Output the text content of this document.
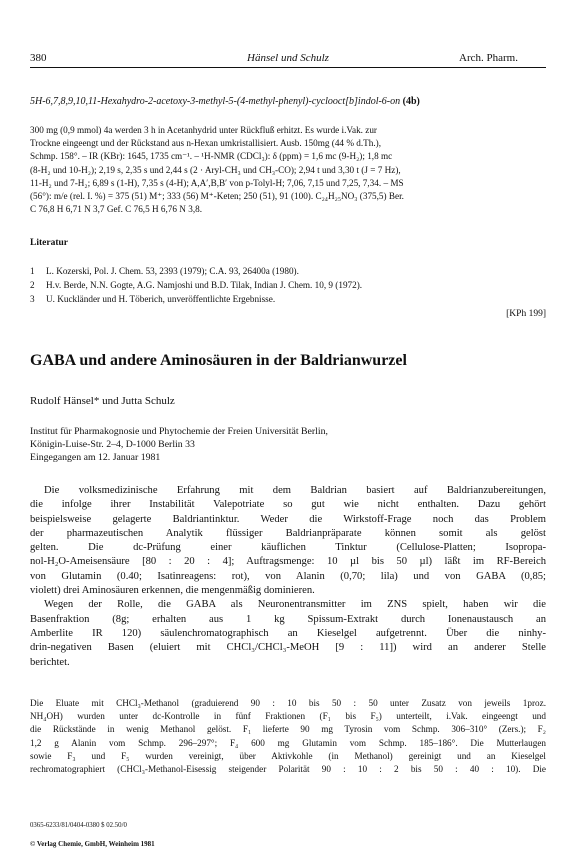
380	Hänsel und Schulz	Arch. Pharm.
5H-6,7,8,9,10,11-Hexahydro-2-acetoxy-3-methyl-5-(4-methyl-phenyl)-cyclooct[b]indol-6-on (4b)
300 mg (0,9 mmol) 4a werden 3 h in Acetanhydrid unter Rückfluß erhitzt. Es wurde i.Vak. zur
Trockne eingeengt und der Rückstand aus n-Hexan umkristallisiert. Ausb. 150mg (44 % d.Th.),
Schmp. 158°. – IR (KBr): 1645, 1735 cm⁻¹. – ¹H-NMR (CDCl₃): δ (ppm) = 1,6 mc (9-H₂); 1,8 mc
(8-H₂ und 10-H₂); 2,19 s, 2,35 s und 2,44 s (2 · Aryl-CH₃ und CH₃-CO); 2,94 t und 3,30 t (J = 7 Hz),
11-H₂ und 7-H₂; 6,89 s (1-H), 7,35 s (4-H); A,A′,B,B′ von p-Tolyl-H; 7,06, 7,15 und 7,25, 7,34. – MS
(56°): m/e (rel. I. %) = 375 (51) M⁺; 333 (56) M⁺-Keten; 250 (51), 91 (100). C₂₄H₂₅NO₃ (375,5) Ber.
C 76,8 H 6,71 N 3,7 Gef. C 76,5 H 6,76 N 3,8.
Literatur
1 L. Kozerski, Pol. J. Chem. 53, 2393 (1979); C.A. 93, 26400a (1980).
2 H.v. Berde, N.N. Gogte, A.G. Namjoshi und B.D. Tilak, Indian J. Chem. 10, 9 (1972).
3 U. Kuckländer und H. Töberich, unveröffentlichte Ergebnisse.
[KPh 199]
GABA und andere Aminosäuren in der Baldrianwurzel
Rudolf Hänsel* und Jutta Schulz
Institut für Pharmakognosie und Phytochemie der Freien Universität Berlin,
Königin-Luise-Str. 2–4, D-1000 Berlin 33
Eingegangen am 12. Januar 1981
Die volksmedizinische Erfahrung mit dem Baldrian basiert auf Baldrianzubereitungen,
die infolge ihrer Instabilität Valepotriate so gut wie nicht enthalten. Dazu gehört
beispielsweise gelagerte Baldriantinktur. Weder die Wirkstoff-Frage noch das Problem
der pharmazeutischen Analytik flüssiger Baldrianpräparate können somit als gelöst
gelten. Die dc-Prüfung einer käuflichen Tinktur (Cellulose-Platten; Isopropa-
nol-H₂O-Ameisensäure [80 : 20 : 4]; Auftragsmenge: 10 µl bis 50 µl) läßt im RF-Bereich
von Glutamin (0.40; Isatinreagens: rot), von Alanin (0,70; lila) und von GABA (0,85;
violett) drei Aminosäuren erkennen, die mengenmäßig dominieren.
Wegen der Rolle, die GABA als Neuronentransmitter im ZNS spielt, haben wir die
Basenfraktion (8g; erhalten aus 1 kg Spissum-Extrakt durch Ionenaustausch an
Amberlite IR 120) säulenchromatographisch an Kieselgel aufgetrennt. Über die ninhy-
drin-negativen Basen (eluiert mit CHCl₃/CHCl₃-MeOH [9 : 11]) wird an anderer Stelle
berichtet.
Die Eluate mit CHCl₃-Methanol (graduierend 90 : 10 bis 50 : 50 unter Zusatz von jeweils 1proz.
NH₄OH) wurden unter dc-Kontrolle in fünf Fraktionen (F₁ bis F₅) unterteilt, i.Vak. eingeengt und
die Rückstände in wenig Methanol gelöst. F₁ lieferte 90 mg Tyrosin vom Schmp. 306–310° (Zers.); F₂
1,2 g Alanin vom Schmp. 296–297°; F₄ 600 mg Glutamin vom Schmp. 185–186°. Die Mutterlaugen
sowie F₃ und F₅ wurden vereinigt, über Aktivkohle (in Methanol) gereinigt und an Kieselgel
rechromatographiert (CHCl₃-Methanol-Eisessig steigender Polarität 90 : 10 : 2 bis 50 : 40 : 10). Die
0365-6233/81/0404-0380 $ 02.50/0
© Verlag Chemie, GmbH, Weinheim 1981
